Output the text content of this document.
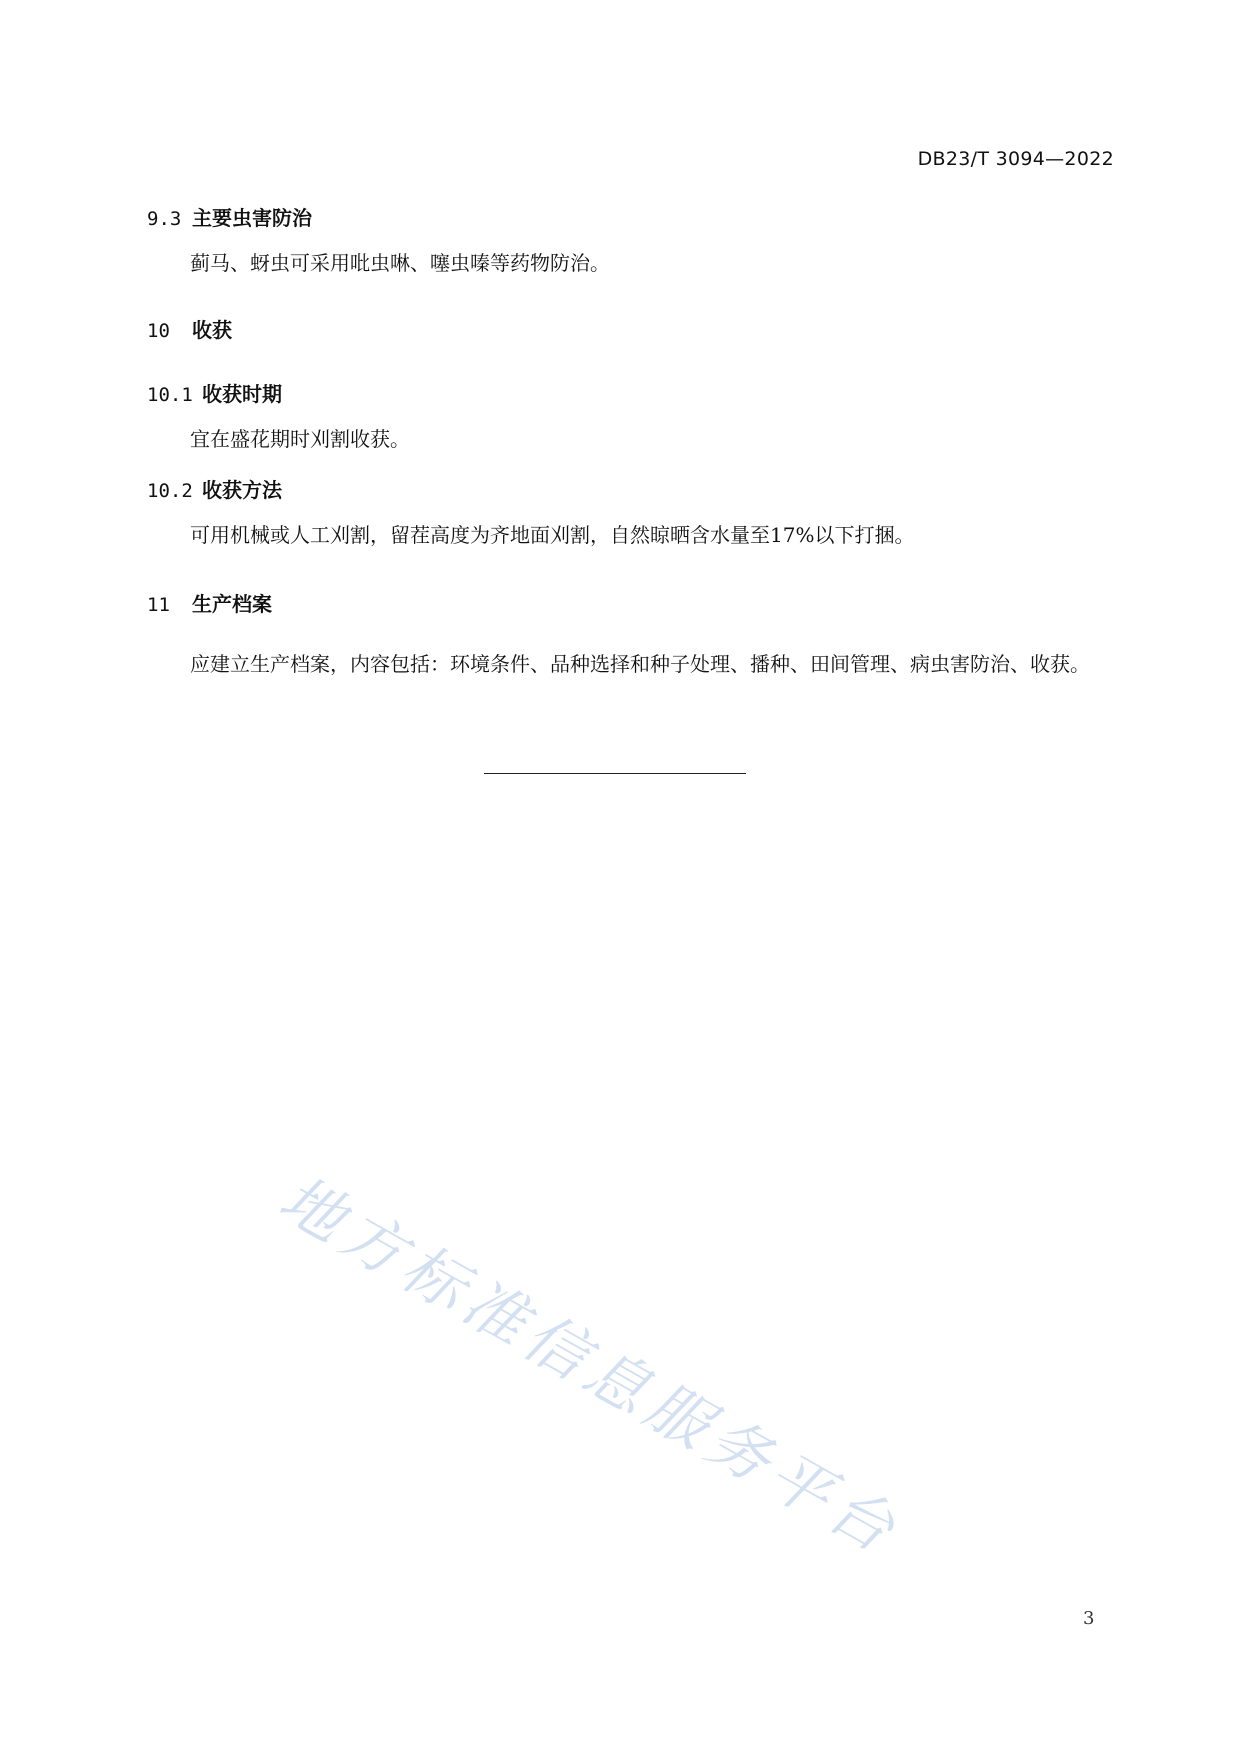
DB23/T 3094—2022
9.3 主要虫害防治

蓟马、蚜虫可采用吡虫啉、噻虫嗪等药物防治。

10 收获
10.1 收获时期

宜在盛花期时刈割收获。

10.2 收获方法

可用机械或人工刈割，留茬高度为齐地面刈割，自然晾晒含水量至17%以下打捆。

11 生产档案

应建立生产档案，内容包括：环境条件、品种选择和种子处理、播种、田间管理、病虫害防治、收获。

地方标准信息服务平台
3
